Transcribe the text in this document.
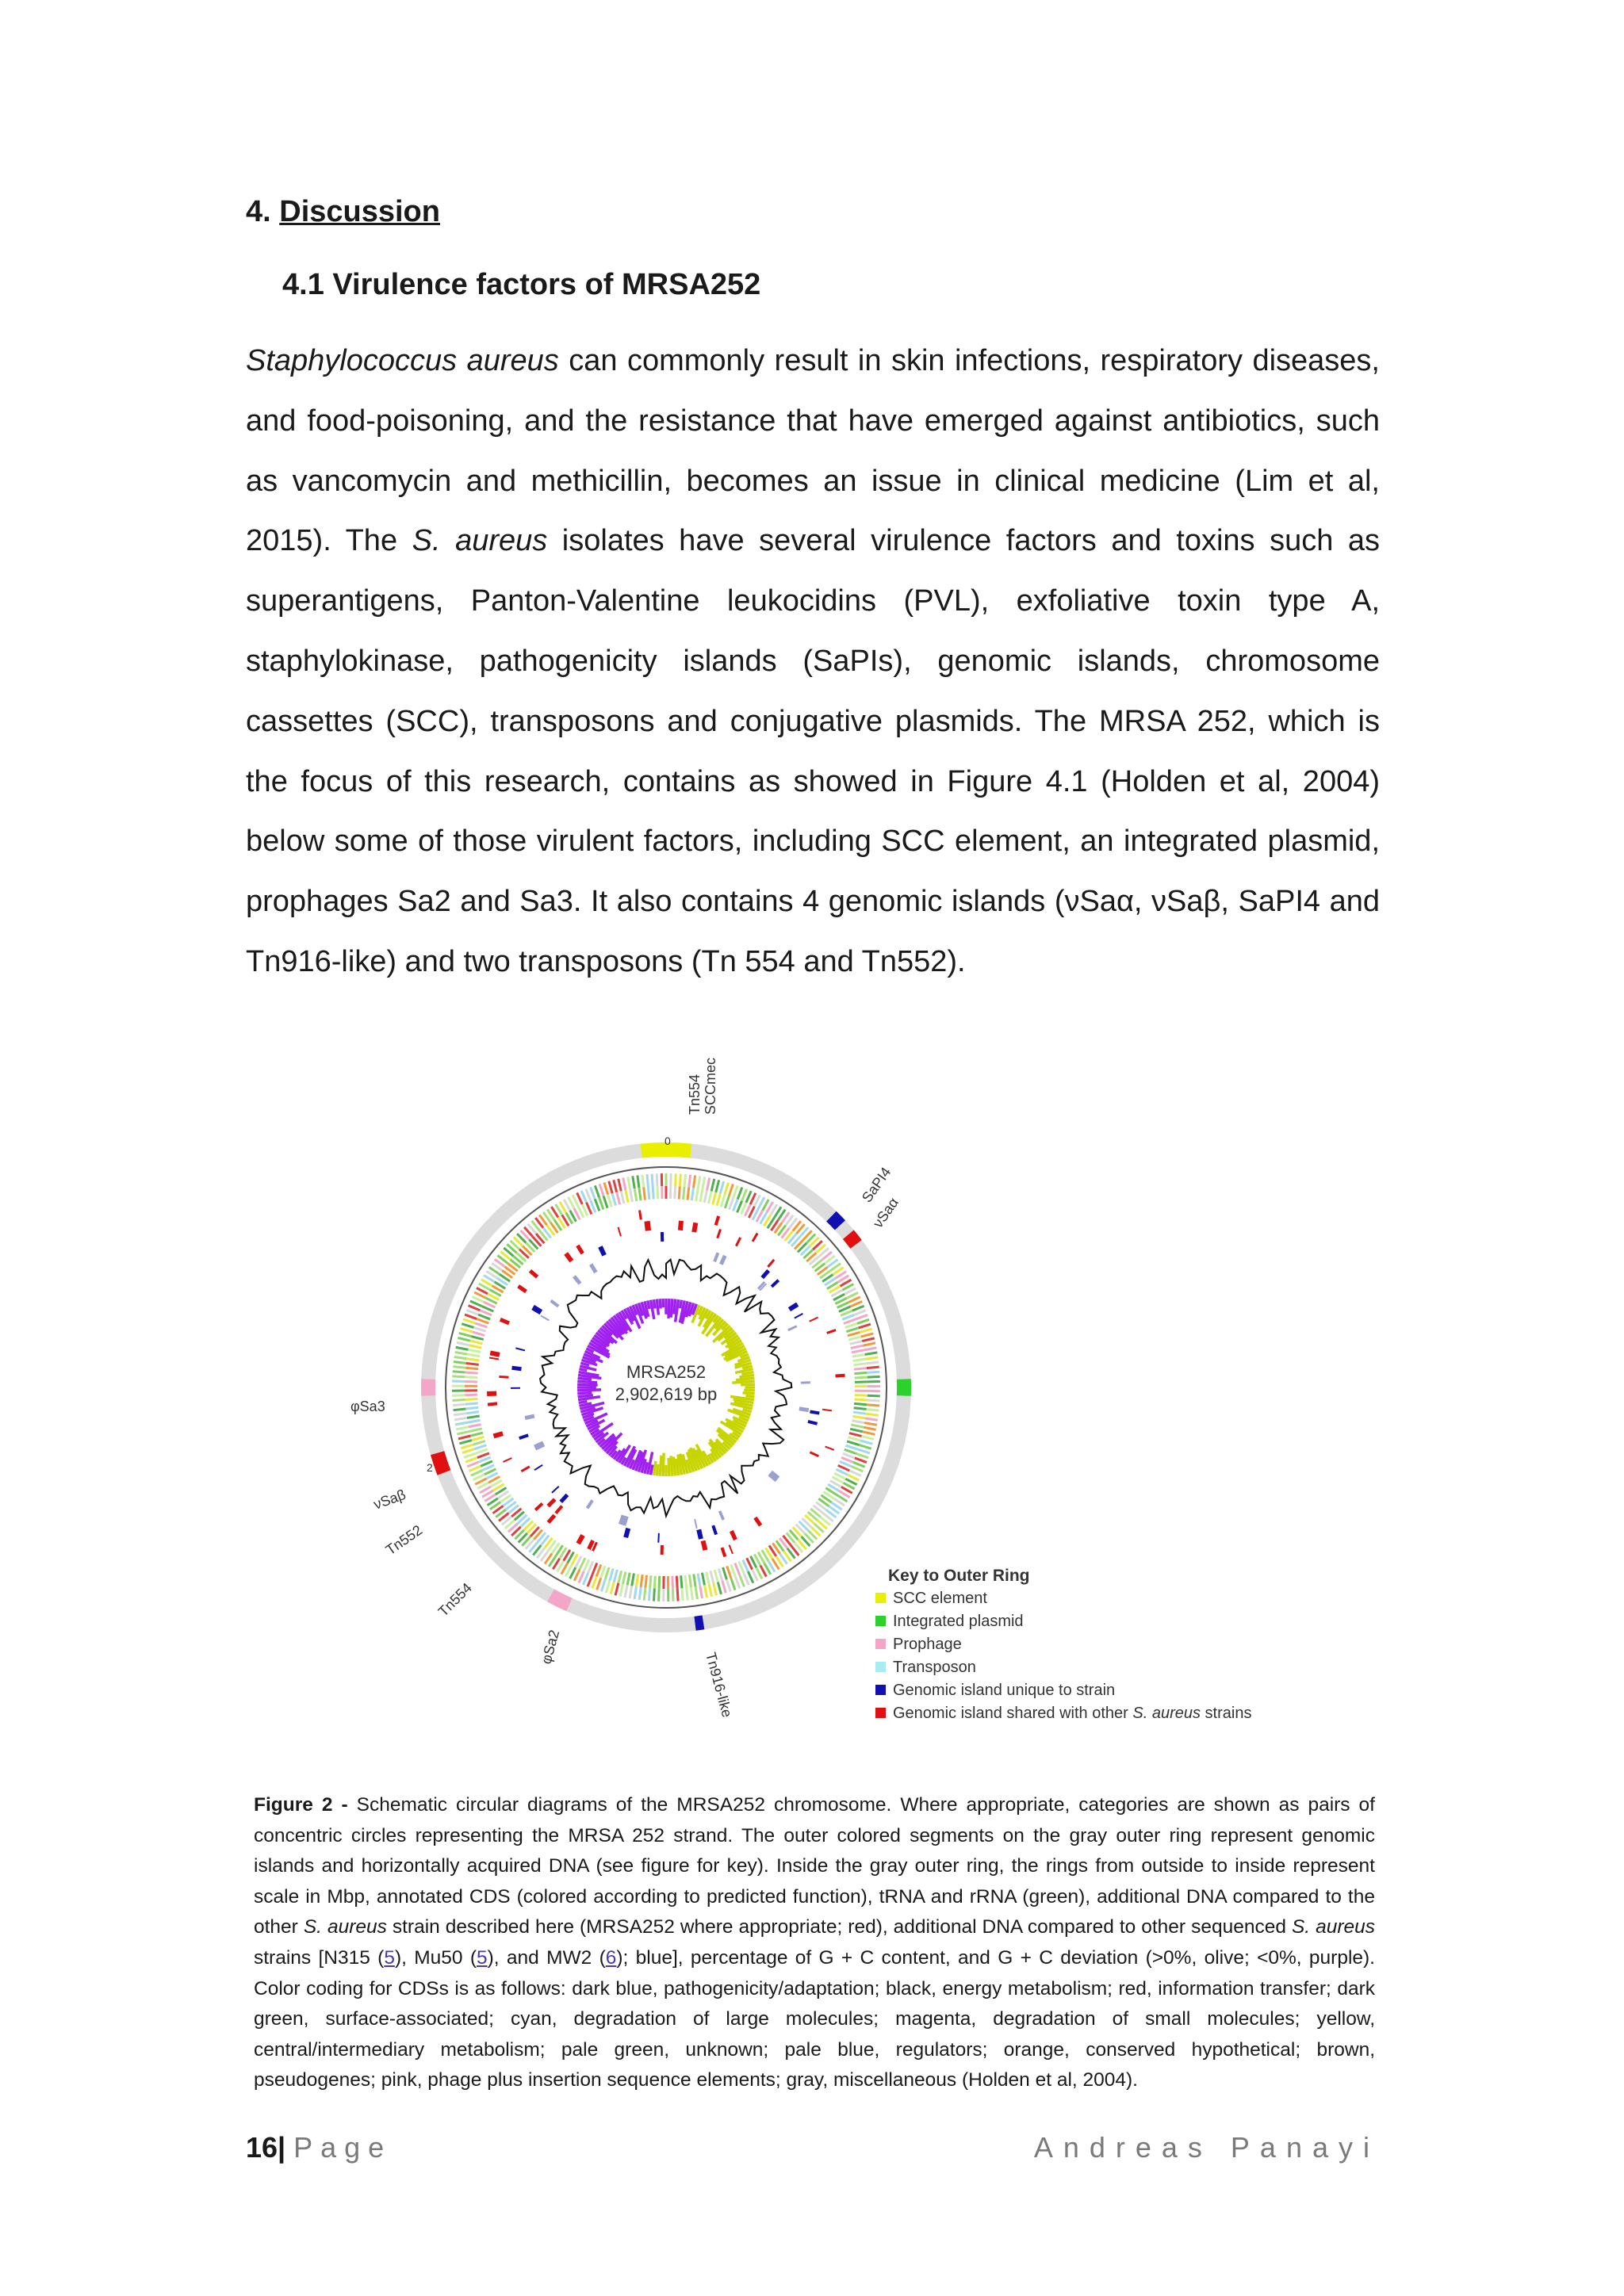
4. Discussion
4.1 Virulence factors of MRSA252

Staphylococcus aureus can commonly result in skin infections, respiratory diseases, and food-poisoning, and the resistance that have emerged against antibiotics, such as vancomycin and methicillin, becomes an issue in clinical medicine (Lim et al, 2015). The S. aureus isolates have several virulence factors and toxins such as superantigens, Panton-Valentine leukocidins (PVL), exfoliative toxin type A, staphylokinase, pathogenicity islands (SaPIs), genomic islands, chromosome cassettes (SCC), transposons and conjugative plasmids. The MRSA 252, which is the focus of this research, contains as showed in Figure 4.1 (Holden et al, 2004) below some of those virulent factors, including SCC element, an integrated plasmid, prophages Sa2 and Sa3. It also contains 4 genomic islands (νSaα, νSaβ, SaPI4 and Tn916-like) and two transposons (Tn 554 and Tn552).

MRSA252
2,902,619 bp
0
2
Tn554 SCCmec
SaPI4
νSaα
φSa3
νSaβ
Tn552
Tn554
φSa2
Tn916-like
Key to Outer Ring
SCC element
Integrated plasmid
Prophage
Transposon
Genomic island unique to strain
Genomic island shared with other S. aureus strains
Figure 2 - Schematic circular diagrams of the MRSA252 chromosome. Where appropriate, categories are shown as pairs of concentric circles representing the MRSA 252 strand. The outer colored segments on the gray outer ring represent genomic islands and horizontally acquired DNA (see figure for key). Inside the gray outer ring, the rings from outside to inside represent scale in Mbp, annotated CDS (colored according to predicted function), tRNA and rRNA (green), additional DNA compared to the other S. aureus strain described here (MRSA252 where appropriate; red), additional DNA compared to other sequenced S. aureus strains [N315 (5), Mu50 (5), and MW2 (6); blue], percentage of G + C content, and G + C deviation (>0%, olive; <0%, purple). Color coding for CDSs is as follows: dark blue, pathogenicity/adaptation; black, energy metabolism; red, information transfer; dark green, surface-associated; cyan, degradation of large molecules; magenta, degradation of small molecules; yellow, central/intermediary metabolism; pale green, unknown; pale blue, regulators; orange, conserved hypothetical; brown, pseudogenes; pink, phage plus insertion sequence elements; gray, miscellaneous (Holden et al, 2004).
16| Page	Andreas Panayi
